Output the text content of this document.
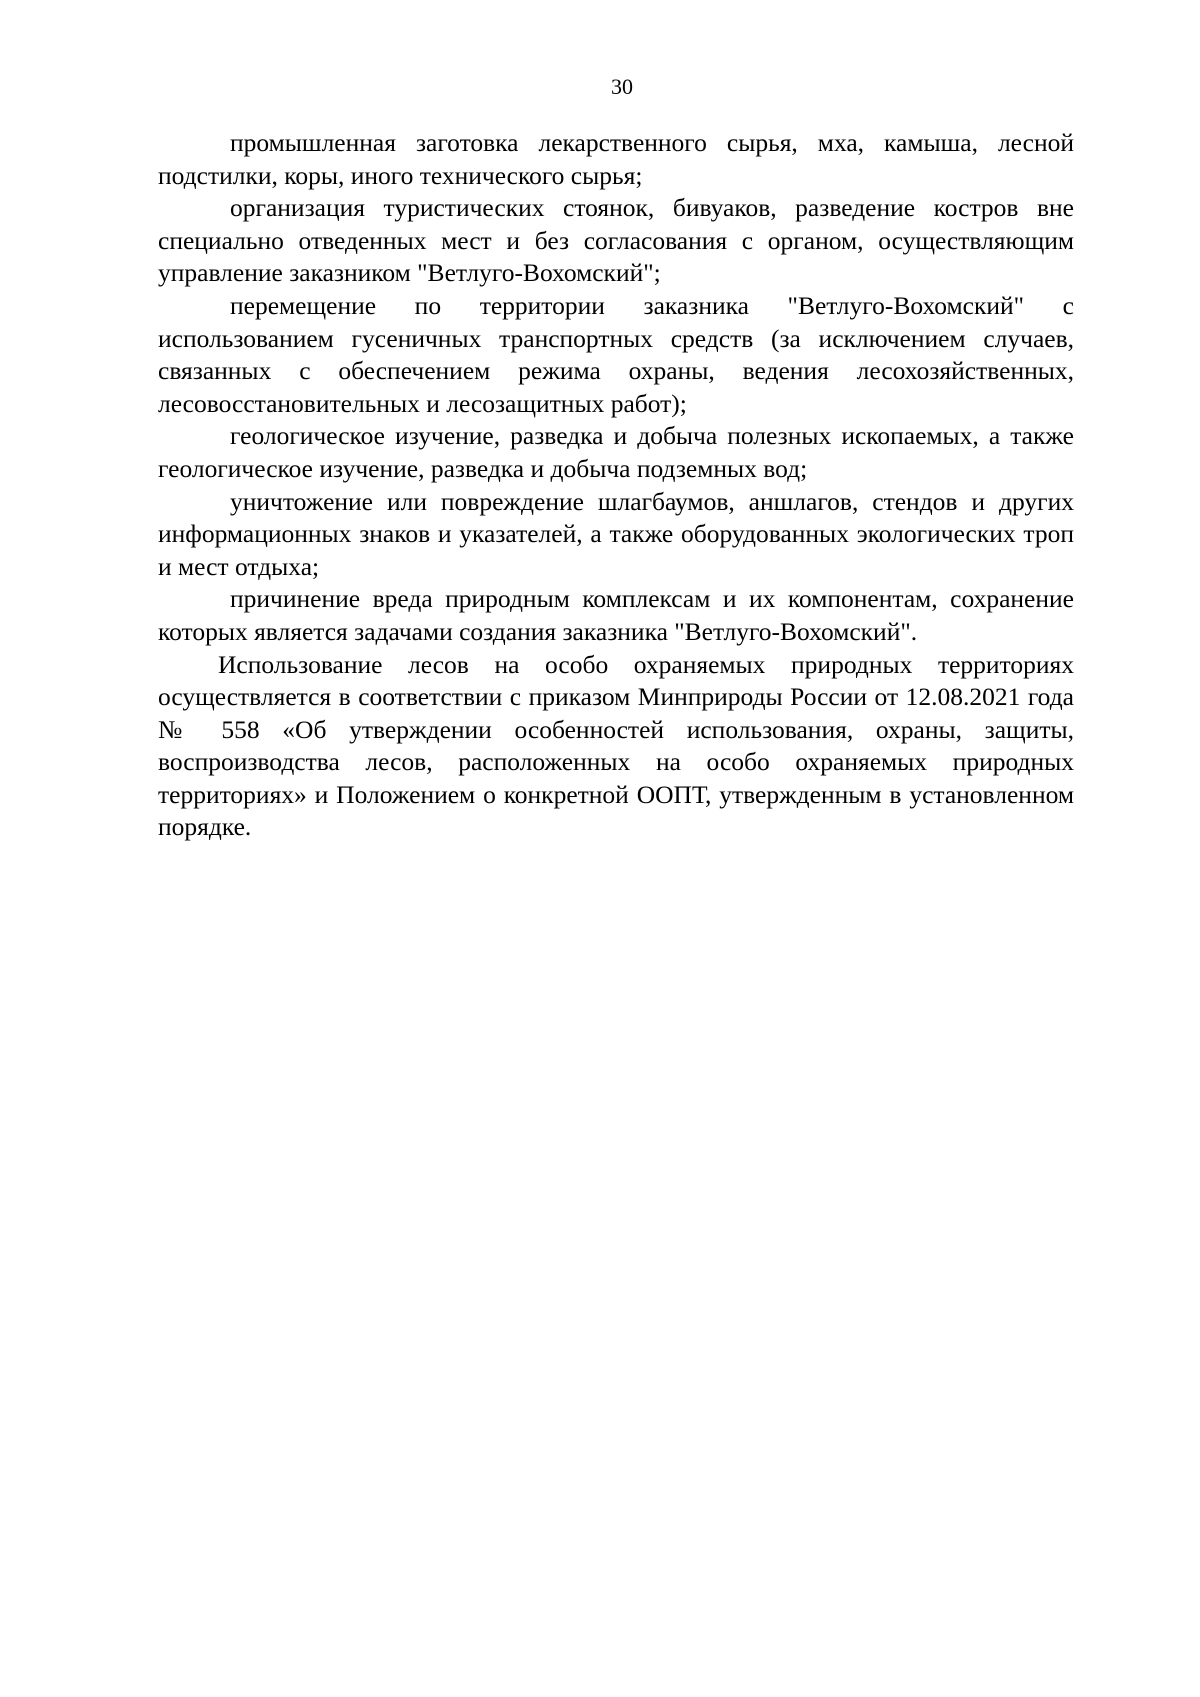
30

промышленная заготовка лекарственного сырья, мха, камыша, лесной подстилки, коры, иного технического сырья;

организация туристических стоянок, бивуаков, разведение костров вне специально отведенных мест и без согласования с органом, осуществляющим управление заказником "Ветлуго-Вохомский";

перемещение по территории заказника "Ветлуго-Вохомский" с использованием гусеничных транспортных средств (за исключением случаев, связанных с обеспечением режима охраны, ведения лесохозяйственных, лесовосстановительных и лесозащитных работ);

геологическое изучение, разведка и добыча полезных ископаемых, а также геологическое изучение, разведка и добыча подземных вод;

уничтожение или повреждение шлагбаумов, аншлагов, стендов и других информационных знаков и указателей, а также оборудованных экологических троп и мест отдыха;

причинение вреда природным комплексам и их компонентам, сохранение которых является задачами создания заказника "Ветлуго-Вохомский".

Использование лесов на особо охраняемых природных территориях осуществляется в соответствии с приказом Минприроды России от 12.08.2021 года № 558 «Об утверждении особенностей использования, охраны, защиты, воспроизводства лесов, расположенных на особо охраняемых природных территориях» и Положением о конкретной ООПТ, утвержденным в установленном порядке.
